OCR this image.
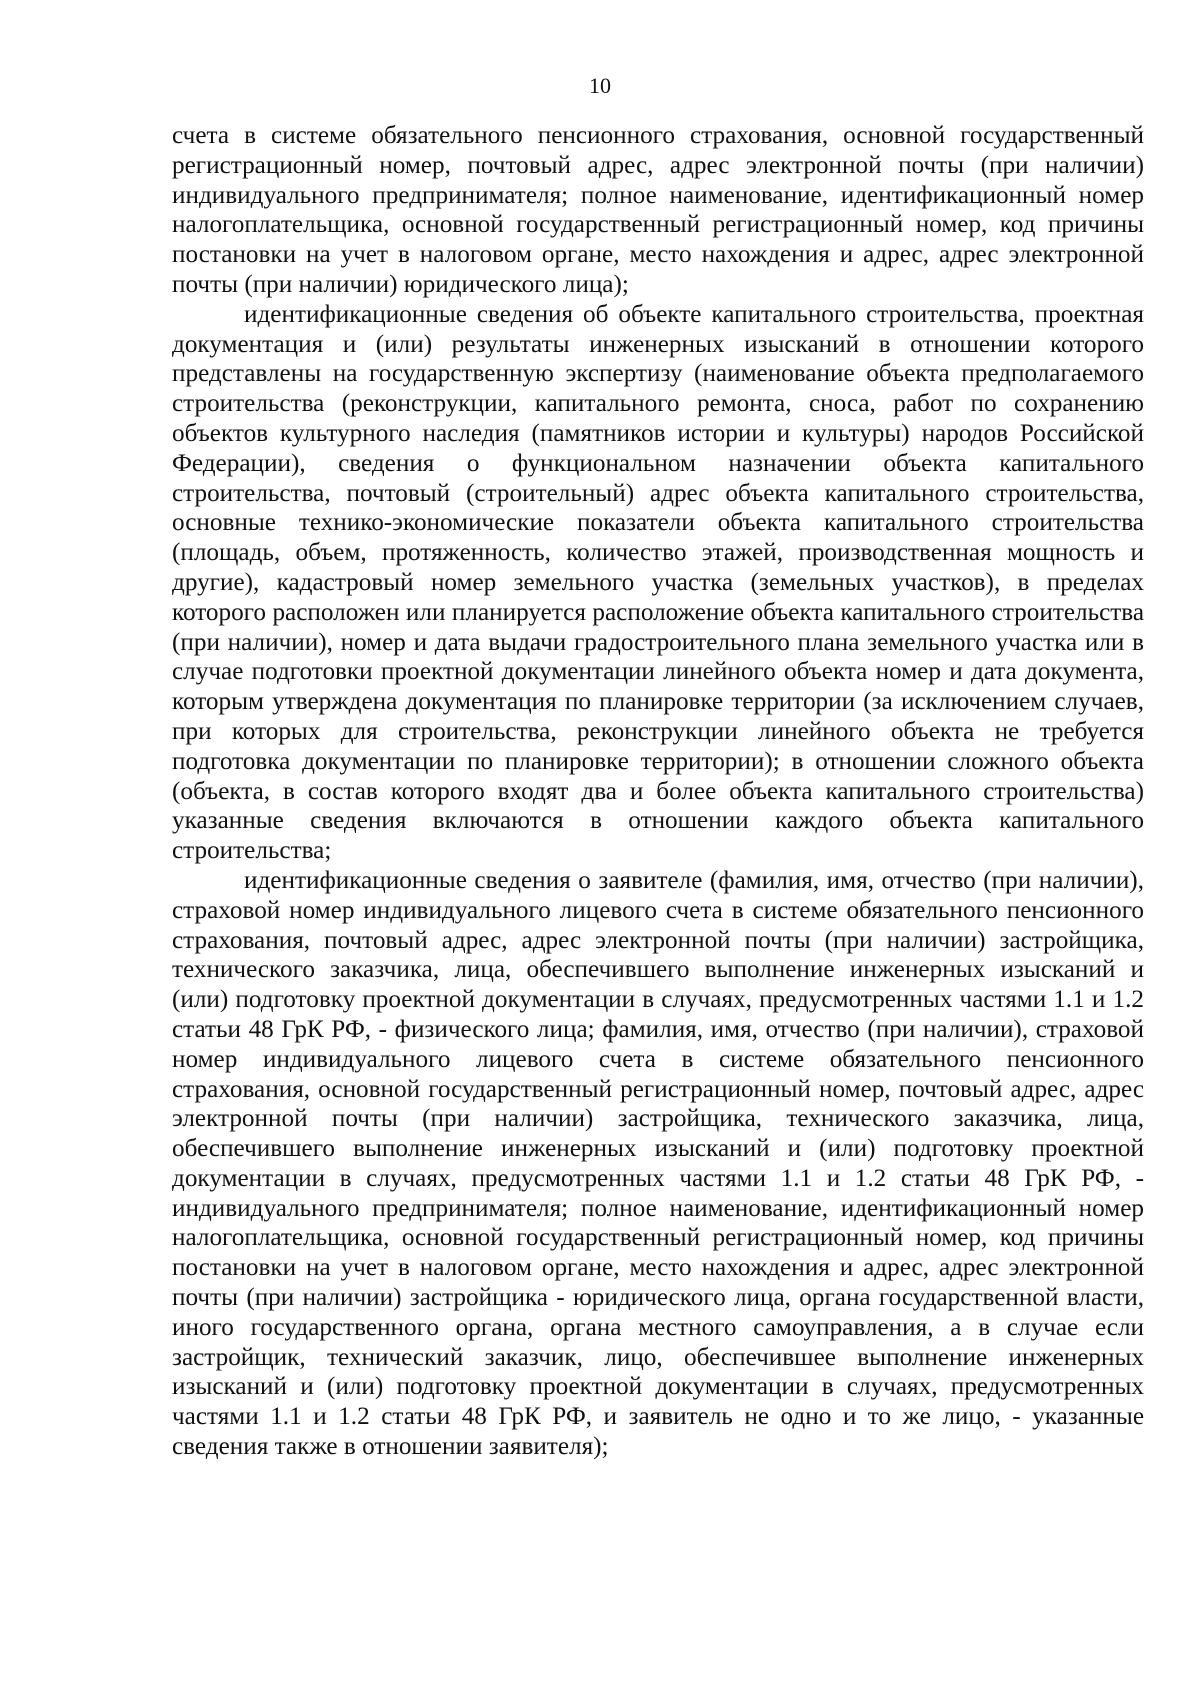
10

счета в системе обязательного пенсионного страхования, основной государственный регистрационный номер, почтовый адрес, адрес электронной почты (при наличии) индивидуального предпринимателя; полное наименование, идентификационный номер налогоплательщика, основной государственный регистрационный номер, код причины постановки на учет в налоговом органе, место нахождения и адрес, адрес электронной почты (при наличии) юридического лица);

идентификационные сведения об объекте капитального строительства, проектная документация и (или) результаты инженерных изысканий в отношении которого представлены на государственную экспертизу (наименование объекта предполагаемого строительства (реконструкции, капитального ремонта, сноса, работ по сохранению объектов культурного наследия (памятников истории и культуры) народов Российской Федерации), сведения о функциональном назначении объекта капитального строительства, почтовый (строительный) адрес объекта капитального строительства, основные технико-экономические показатели объекта капитального строительства (площадь, объем, протяженность, количество этажей, производственная мощность и другие), кадастровый номер земельного участка (земельных участков), в пределах которого расположен или планируется расположение объекта капитального строительства (при наличии), номер и дата выдачи градостроительного плана земельного участка или в случае подготовки проектной документации линейного объекта номер и дата документа, которым утверждена документация по планировке территории (за исключением случаев, при которых для строительства, реконструкции линейного объекта не требуется подготовка документации по планировке территории); в отношении сложного объекта (объекта, в состав которого входят два и более объекта капитального строительства) указанные сведения включаются в отношении каждого объекта капитального строительства;

идентификационные сведения о заявителе (фамилия, имя, отчество (при наличии), страховой номер индивидуального лицевого счета в системе обязательного пенсионного страхования, почтовый адрес, адрес электронной почты (при наличии) застройщика, технического заказчика, лица, обеспечившего выполнение инженерных изысканий и (или) подготовку проектной документации в случаях, предусмотренных частями 1.1 и 1.2 статьи 48 ГрК РФ, - физического лица; фамилия, имя, отчество (при наличии), страховой номер индивидуального лицевого счета в системе обязательного пенсионного страхования, основной государственный регистрационный номер, почтовый адрес, адрес электронной почты (при наличии) застройщика, технического заказчика, лица, обеспечившего выполнение инженерных изысканий и (или) подготовку проектной документации в случаях, предусмотренных частями 1.1 и 1.2 статьи 48 ГрК РФ, - индивидуального предпринимателя; полное наименование, идентификационный номер налогоплательщика, основной государственный регистрационный номер, код причины постановки на учет в налоговом органе, место нахождения и адрес, адрес электронной почты (при наличии) застройщика - юридического лица, органа государственной власти, иного государственного органа, органа местного самоуправления, а в случае если застройщик, технический заказчик, лицо, обеспечившее выполнение инженерных изысканий и (или) подготовку проектной документации в случаях, предусмотренных частями 1.1 и 1.2 статьи 48 ГрК РФ, и заявитель не одно и то же лицо, - указанные сведения также в отношении заявителя);
